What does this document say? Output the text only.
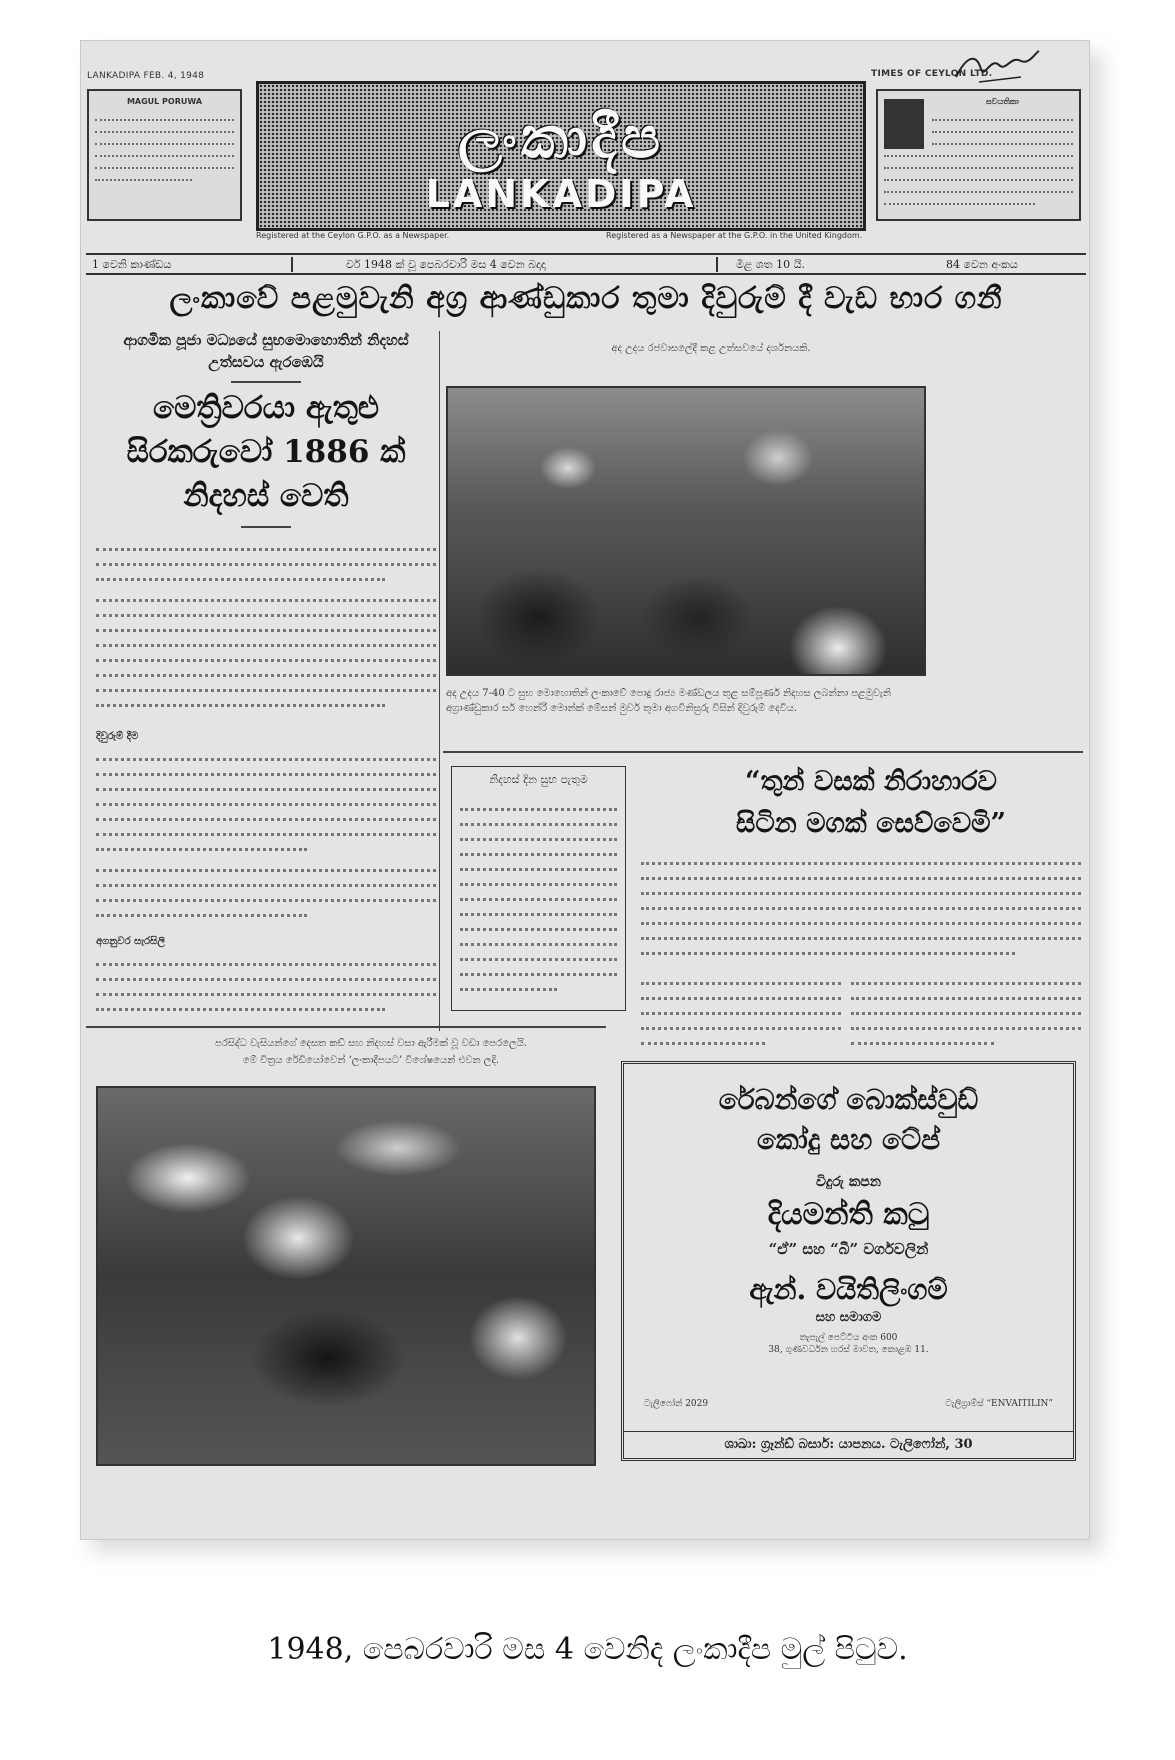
LANKADIPA FEB. 4, 1948	TIMES OF CEYLON LTD.
MAGUL PORUWA
ලංකාදීප
LANKADIPA
සවයතිකා
Registered at the Ceylon G.P.O. as a Newspaper.	Registered as a Newspaper at the G.P.O. in the United Kingdom.
1 වෙනි කාණ්ඩය	වර් 1948 ක් වූ පෙබරවාරි මස 4 වෙන බදාදා	මිළ ශත 10 යි.	84 වෙන අංකය
ලංකාවේ පළමුවැනි අග්‍ර ආණ්ඩුකාර තුමා දිවුරුම් දී වැඩ භාර ගනී
ආගමික පූජා මධ්‍යයේ සුභමොහොතින් නිදහස් උත්සවය ඇරඹෙයි
අද උදය රජවාසලේදී කළ උත්සවයේ දර්ශනයකි.
මෙත්‍රිවරයා ඇතුළු
සිරකරුවෝ 1886 ක්
නිදහස් වෙති
දිවුරුම් දීම
අගනුවර සැරසිලි
අද උදය 7-40 ට සුභ මොහොතින් ලංකාවේ පොදු රාජ්‍ය මණ්ඩලය තුළ සම්පූර්ණ නිදහස ලබන්නා පළමුවැනි අග්‍රාණ්ඩුකාර සර් හෙන්රි මොන්ක් මේසන් මුවර් තුමා අගවිනිසුරු විසින් දිවුරුම් දෙවීය.
නිදහස් දින සුභ පැතුම	“තුන් වසක් නිරාහාරව
සිටින මගක් සෙව්වෙමි”
පරසිද්ධ වැසියන්ගේ දෙසත කඩ් සහ නිදහස් වසා ඇරීමක් වූ වඩා පෙරලෙයි.
මේ චිත්‍රය රේඩියෝවෙන් ‘ලංකාදීපයට’ විශේෂයෙන් එවන ලදි.
රේබන්ගේ බොක්ස්වුඩ්
කෝදු සහ ටේප්
විදුරු කපන
දියමන්ති කටු
“ඒ” සහ “බී” වර්ගවලින්
ඇන්. වයිතිලිංගම්
සහ සමාගම
තැපැල් පෙට්ටිය අංක 600
38, ගුණවර්ධන හරස් මාවත, කොළඹ 11.
ටැලිෆෝන් 2029	ටැලිග්‍රාම්ස් “ENVAITILIN”
ශාඛා: ග්‍රෑන්ඩ් බසාර්: යාපනය. ටැලිෆෝන්, 30
1948, පෙබරවාරි මස 4 වෙනිද ලංකාදීප මුල් පිටුව.
